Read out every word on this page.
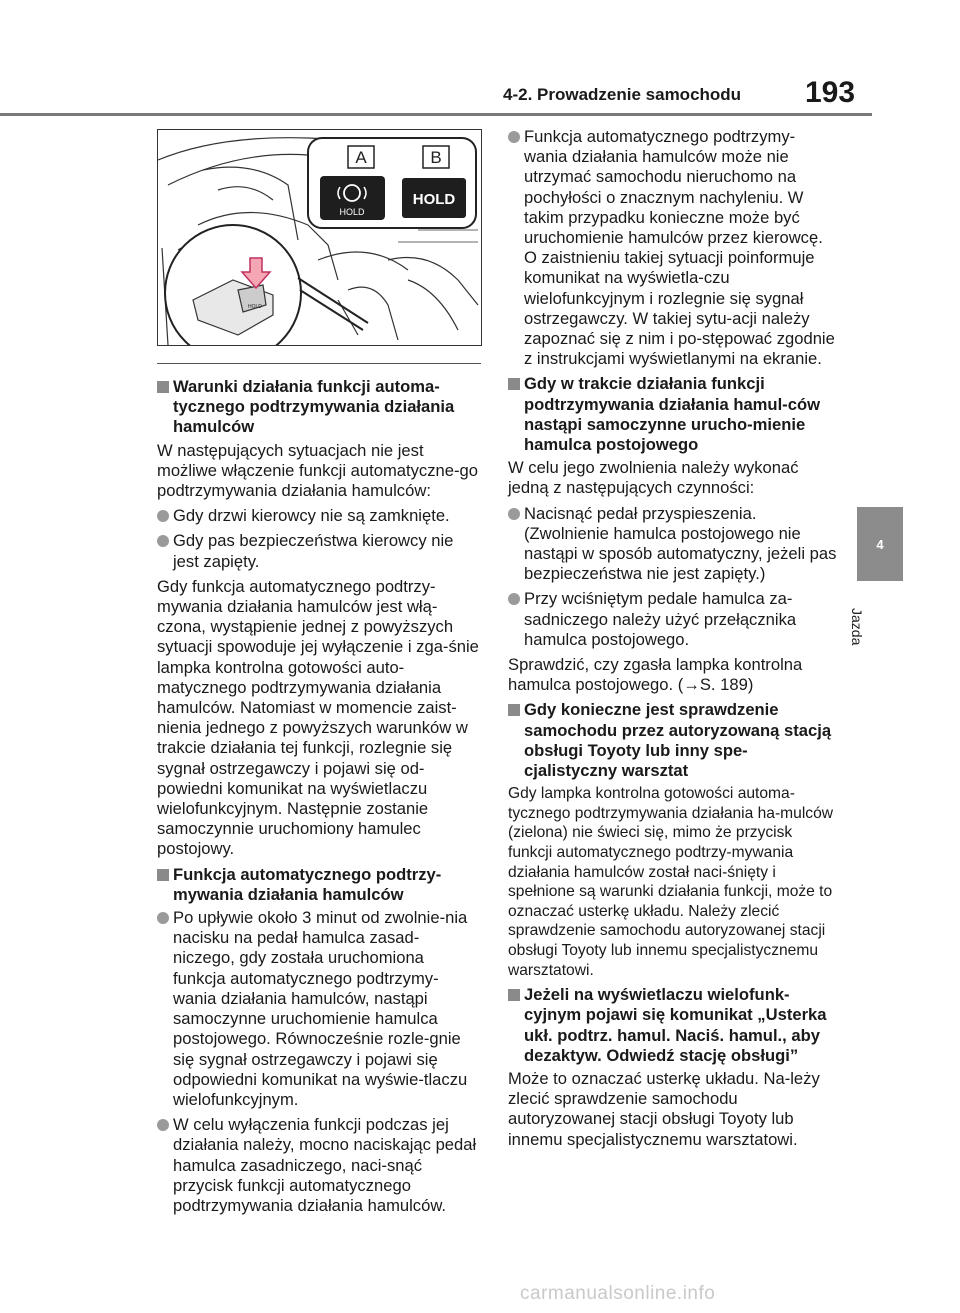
4-2. Prowadzenie samochodu 193
4
Jazda
HOLD
A	B
HOLD
HOLD
Warunki działania funkcji automa-tycznego podtrzymywania działania hamulców
W następujących sytuacjach nie jest możliwe włączenie funkcji automatyczne-go podtrzymywania działania hamulców:
Gdy drzwi kierowcy nie są zamknięte.
Gdy pas bezpieczeństwa kierowcy nie jest zapięty.
Gdy funkcja automatycznego podtrzy-mywania działania hamulców jest włą-czona, wystąpienie jednej z powyższych sytuacji spowoduje jej wyłączenie i zga-śnie lampka kontrolna gotowości auto-matycznego podtrzymywania działania hamulców. Natomiast w momencie zaist-nienia jednego z powyższych warunków w trakcie działania tej funkcji, rozlegnie się sygnał ostrzegawczy i pojawi się od-powiedni komunikat na wyświetlaczu wielofunkcyjnym. Następnie zostanie samoczynnie uruchomiony hamulec postojowy.
Funkcja automatycznego podtrzy-mywania działania hamulców
Po upływie około 3 minut od zwolnie-nia nacisku na pedał hamulca zasad-niczego, gdy została uruchomiona funkcja automatycznego podtrzymy-wania działania hamulców, nastąpi samoczynne uruchomienie hamulca postojowego. Równocześnie rozle-gnie się sygnał ostrzegawczy i pojawi się odpowiedni komunikat na wyświe-tlaczu wielofunkcyjnym.
W celu wyłączenia funkcji podczas jej działania należy, mocno naciskając pedał hamulca zasadniczego, naci-snąć przycisk funkcji automatycznego podtrzymywania działania hamulców.
Funkcja automatycznego podtrzymy-wania działania hamulców może nie utrzymać samochodu nieruchomo na pochyłości o znacznym nachyleniu. W takim przypadku konieczne może być uruchomienie hamulców przez kierowcę. O zaistnieniu takiej sytuacji poinformuje komunikat na wyświetla-czu wielofunkcyjnym i rozlegnie się sygnał ostrzegawczy. W takiej sytu-acji należy zapoznać się z nim i po-stępować zgodnie z instrukcjami wyświetlanymi na ekranie.
Gdy w trakcie działania funkcji podtrzymywania działania hamul-ców nastąpi samoczynne urucho-mienie hamulca postojowego
W celu jego zwolnienia należy wykonać jedną z następujących czynności:
Nacisnąć pedał przyspieszenia. (Zwolnienie hamulca postojowego nie nastąpi w sposób automatyczny, jeżeli pas bezpieczeństwa nie jest zapięty.)
Przy wciśniętym pedale hamulca za-sadniczego należy użyć przełącznika hamulca postojowego.
Sprawdzić, czy zgasła lampka kontrolna hamulca postojowego. (→S. 189)
Gdy konieczne jest sprawdzenie samochodu przez autoryzowaną stacją obsługi Toyoty lub inny spe-cjalistyczny warsztat
Gdy lampka kontrolna gotowości automa-tycznego podtrzymywania działania ha-mulców (zielona) nie świeci się, mimo że przycisk funkcji automatycznego podtrzy-mywania działania hamulców został naci-śnięty i spełnione są warunki działania funkcji, może to oznaczać usterkę układu. Należy zlecić sprawdzenie samochodu autoryzowanej stacji obsługi Toyoty lub innemu specjalistycznemu warsztatowi.
Jeżeli na wyświetlaczu wielofunk-cyjnym pojawi się komunikat „Usterka ukł. podtrz. hamul. Naciś. hamul., aby dezaktyw. Odwiedź stację obsługi”
Może to oznaczać usterkę układu. Na-leży zlecić sprawdzenie samochodu autoryzowanej stacji obsługi Toyoty lub innemu specjalistycznemu warsztatowi.
carmanualsonline.info
